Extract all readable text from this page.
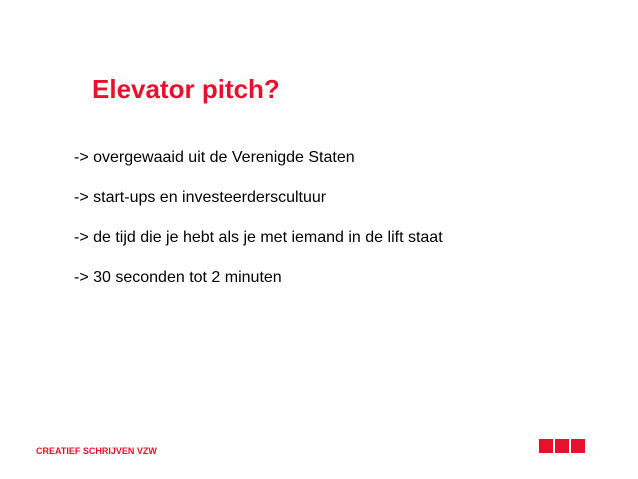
Elevator pitch?
-> overgewaaid uit de Verenigde Staten
-> start-ups en investeerderscultuur
-> de tijd die je hebt als je met iemand in de lift staat
-> 30 seconden tot 2 minuten
CREATIEF SCHRIJVEN VZW
